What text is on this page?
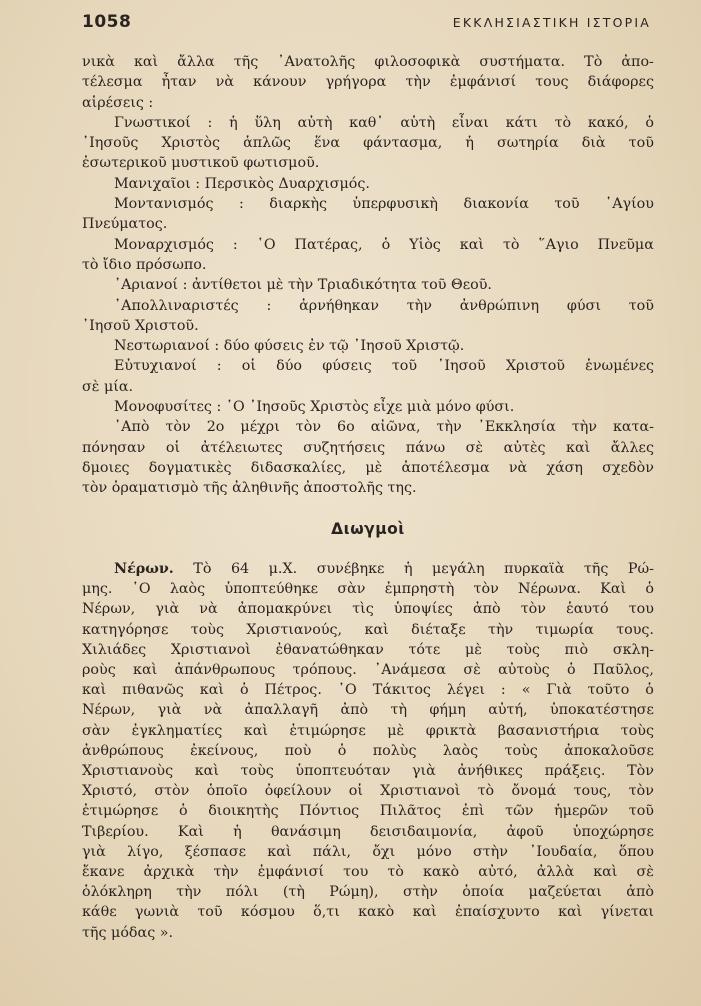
1058	ΕΚΚΛΗΣΙΑΣΤΙΚΗ ΙΣΤΟΡΙΑ
νικὰ καὶ ἄλλα τῆς ᾿Ανατολῆς φιλοσοφικὰ συστήματα. Τὸ ἀπο-
τέλεσμα ἦταν νὰ κάνουν γρήγορα τὴν ἐμφάνισί τους διάφορες
αἱρέσεις :
Γνωστικοί : ἡ ὕλη αὐτὴ καθ᾽ αὑτὴ εἶναι κάτι τὸ κακό, ὁ
᾿Ιησοῦς Χριστὸς ἁπλῶς ἕνα φάντασμα, ἡ σωτηρία διὰ τοῦ
ἐσωτερικοῦ μυστικοῦ φωτισμοῦ.
Μανιχαῖοι : Περσικὸς Δυαρχισμός.
Μοντανισμός : διαρκὴς ὑπερφυσικὴ διακονία τοῦ ῾Αγίου
Πνεύματος.
Μοναρχισμός : ῾Ο Πατέρας, ὁ Υἱὸς καὶ τὸ ῞Αγιο Πνεῦμα
τὸ ἴδιο πρόσωπο.
᾿Αριανοί : ἀντίθετοι μὲ τὴν Τριαδικότητα τοῦ Θεοῦ.
᾿Απολλιναριστές : ἀρνήθηκαν τὴν ἀνθρώπινη φύσι τοῦ
᾿Ιησοῦ Χριστοῦ.
Νεστωριανοί : δύο φύσεις ἐν τῷ ᾿Ιησοῦ Χριστῷ.
Εὐτυχιανοί : οἱ δύο φύσεις τοῦ ᾿Ιησοῦ Χριστοῦ ἑνωμένες
σὲ μία.
Μονοφυσίτες : ῾Ο ᾿Ιησοῦς Χριστὸς εἶχε μιὰ μόνο φύσι.
᾿Απὸ τὸν 2ο μέχρι τὸν 6ο αἰῶνα, τὴν ᾿Εκκλησία τὴν κατα-
πόνησαν οἱ ἀτέλειωτες συζητήσεις πάνω σὲ αὐτὲς καὶ ἄλλες
δμοιες δογματικὲς διδασκαλίες, μὲ ἀποτέλεσμα νὰ χάση σχεδὸν
τὸν ὁραματισμὸ τῆς ἀληθινῆς ἀποστολῆς της.
Διωγμοὶ
Νέρων. Τὸ 64 μ.Χ. συνέβηκε ἡ μεγάλη πυρκαϊὰ τῆς Ρώ-
μης. ῾Ο λαὸς ὑποπτεύθηκε σὰν ἐμπρηστὴ τὸν Νέρωνα. Καὶ ὁ
Νέρων, γιὰ νὰ ἀπομακρύνει τὶς ὑποψίες ἀπὸ τὸν ἑαυτό του
κατηγόρησε τοὺς Χριστιανούς, καὶ διέταξε τὴν τιμωρία τους.
Χιλιάδες Χριστιανοὶ ἐθανατώθηκαν τότε μὲ τοὺς πιὸ σκλη-
ροὺς καὶ ἀπάνθρωπους τρόπους. ᾿Ανάμεσα σὲ αὐτοὺς ὁ Παῦλος,
καὶ πιθανῶς καὶ ὁ Πέτρος. ῾Ο Τάκιτος λέγει : « Γιὰ τοῦτο ὁ
Νέρων, γιὰ νὰ ἀπαλλαγῆ ἀπὸ τὴ φήμη αὐτή, ὑποκατέστησε
σὰν ἐγκληματίες καὶ ἐτιμώρησε μὲ φρικτὰ βασανιστήρια τοὺς
ἀνθρώπους ἐκείνους, ποὺ ὁ πολὺς λαὸς τοὺς ἀποκαλοῦσε
Χριστιανοὺς καὶ τοὺς ὑποπτευόταν γιὰ ἀνήθικες πράξεις. Τὸν
Χριστό, στὸν ὁποῖο ὀφείλουν οἱ Χριστιανοὶ τὸ ὄνομά τους, τὸν
ἐτιμώρησε ὁ διοικητὴς Πόντιος Πιλᾶτος ἐπὶ τῶν ἡμερῶν τοῦ
Τιβερίου. Καὶ ἡ θανάσιμη δεισιδαιμονία, ἀφοῦ ὑποχώρησε
γιὰ λίγο, ξέσπασε καὶ πάλι, ὄχι μόνο στὴν ᾿Ιουδαία, ὅπου
ἔκανε ἀρχικὰ τὴν ἐμφάνισί του τὸ κακὸ αὐτό, ἀλλὰ καὶ σὲ
ὁλόκληρη τὴν πόλι (τὴ Ρώμη), στὴν ὁποία μαζεύεται ἀπὸ
κάθε γωνιὰ τοῦ κόσμου ὅ,τι κακὸ καὶ ἐπαίσχυντο καὶ γίνεται
τῆς μόδας ».
